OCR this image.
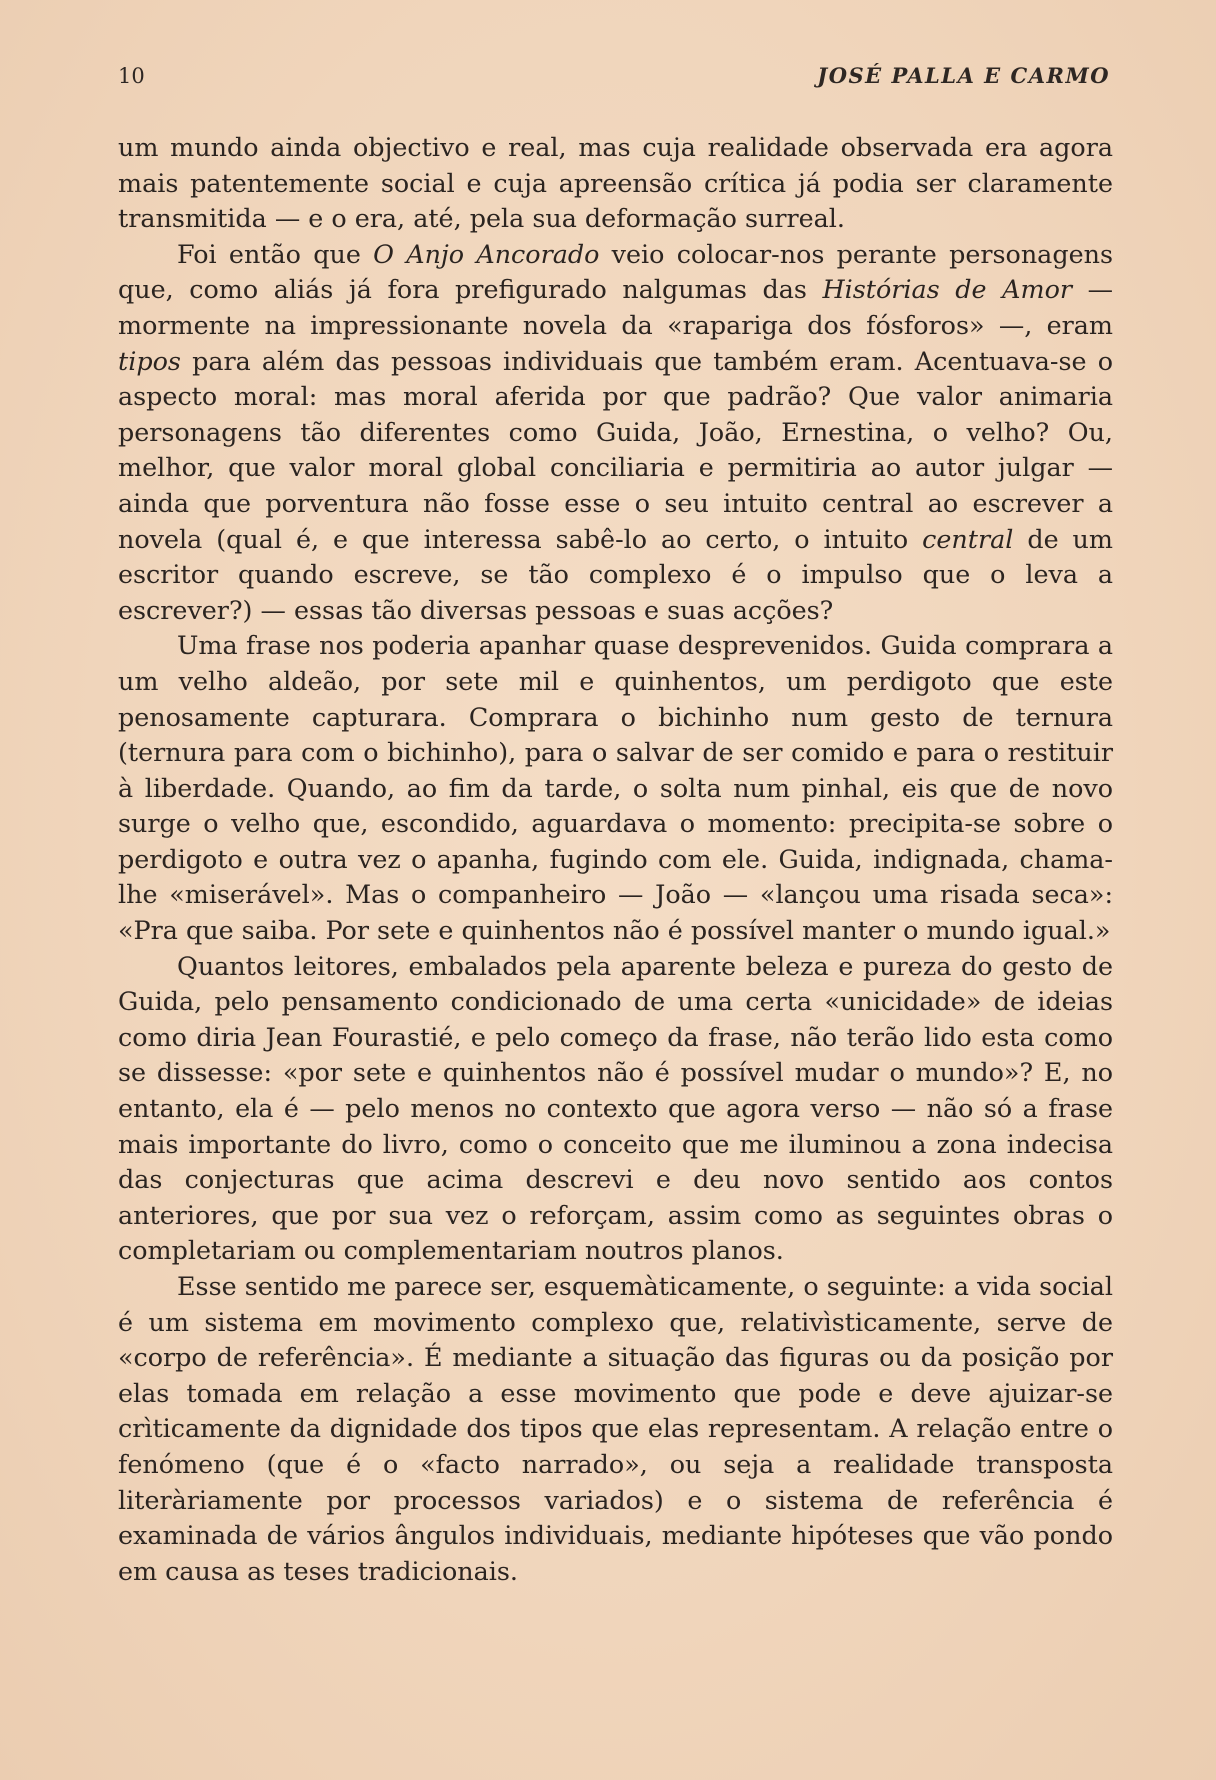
10	JOSÉ PALLA E CARMO

um mundo ainda objectivo e real, mas cuja realidade observada era agora mais patentemente social e cuja apreensão crítica já podia ser claramente transmitida — e o era, até, pela sua deformação surreal.

Foi então que O Anjo Ancorado veio colocar-nos perante personagens que, como aliás já fora prefigurado nalgumas das Histórias de Amor — mormente na impressionante novela da «rapariga dos fósforos» —, eram tipos para além das pessoas individuais que também eram. Acentuava-se o aspecto moral: mas moral aferida por que padrão? Que valor animaria personagens tão diferentes como Guida, João, Ernestina, o velho? Ou, melhor, que valor moral global conciliaria e permitiria ao autor julgar — ainda que porventura não fosse esse o seu intuito central ao escrever a novela (qual é, e que interessa sabê-lo ao certo, o intuito central de um escritor quando escreve, se tão complexo é o impulso que o leva a escrever?) — essas tão diversas pessoas e suas acções?

Uma frase nos poderia apanhar quase desprevenidos. Guida comprara a um velho aldeão, por sete mil e quinhentos, um perdigoto que este penosamente capturara. Comprara o bichinho num gesto de ternura (ternura para com o bichinho), para o salvar de ser comido e para o restituir à liberdade. Quando, ao fim da tarde, o solta num pinhal, eis que de novo surge o velho que, escondido, aguardava o momento: precipita-se sobre o perdigoto e outra vez o apanha, fugindo com ele. Guida, indignada, chama-lhe «miserável». Mas o companheiro — João — «lançou uma risada seca»: «Pra que saiba. Por sete e quinhentos não é possível manter o mundo igual.»

Quantos leitores, embalados pela aparente beleza e pureza do gesto de Guida, pelo pensamento condicionado de uma certa «unicidade» de ideias como diria Jean Fourastié, e pelo começo da frase, não terão lido esta como se dissesse: «por sete e quinhentos não é possível mudar o mundo»? E, no entanto, ela é — pelo menos no contexto que agora verso — não só a frase mais importante do livro, como o conceito que me iluminou a zona indecisa das conjecturas que acima descrevi e deu novo sentido aos contos anteriores, que por sua vez o reforçam, assim como as seguintes obras o completariam ou complementariam noutros planos.

Esse sentido me parece ser, esquemàticamente, o seguinte: a vida social é um sistema em movimento complexo que, relativìsticamente, serve de «corpo de referência». É mediante a situação das figuras ou da posição por elas tomada em relação a esse movimento que pode e deve ajuizar-se crìticamente da dignidade dos tipos que elas representam. A relação entre o fenómeno (que é o «facto narrado», ou seja a realidade transposta literàriamente por processos variados) e o sistema de referência é examinada de vários ângulos individuais, mediante hipóteses que vão pondo em causa as teses tradicionais.
